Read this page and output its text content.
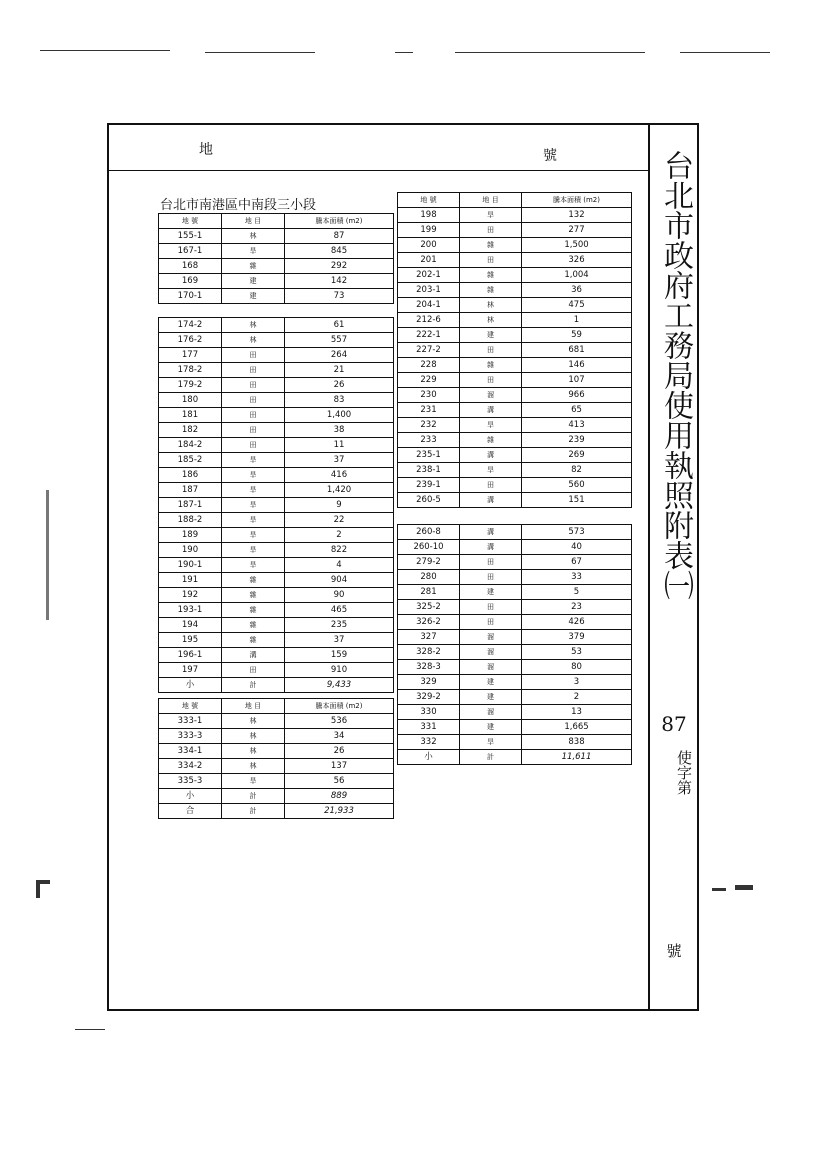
地	號	台北市政府工務局使用執照附表㈠
87
使字第
號
台北市南港區中南段三小段
地 號	地 目	騰本面積 (m2)
155-1	林	87
167-1	旱	845
168	雜	292
169	建	142
170-1	建	73
174-2	林	61
176-2	林	557
177	田	264
178-2	田	21
179-2	田	26
180	田	83
181	田	1,400
182	田	38
184-2	田	11
185-2	旱	37
186	旱	416
187	旱	1,420
187-1	旱	9
188-2	旱	22
189	旱	2
190	旱	822
190-1	旱	4
191	雜	904
192	雜	90
193-1	雜	465
194	雜	235
195	雜	37
196-1	溝	159
197	田	910
小	計	9,433
地 號	地 目	騰本面積 (m2)
333-1	林	536
333-3	林	34
334-1	林	26
334-2	林	137
335-3	旱	56
小	計	889
合	計	21,933
地 號	地 目	騰本面積 (m2)
198	旱	132
199	田	277
200	雜	1,500
201	田	326
202-1	雜	1,004
203-1	雜	36
204-1	林	475
212-6	林	1
222-1	建	59
227-2	田	681
228	雜	146
229	田	107
230	溜	966
231	溝	65
232	旱	413
233	雜	239
235-1	溝	269
238-1	旱	82
239-1	田	560
260-5	溝	151
260-8	溝	573
260-10	溝	40
279-2	田	67
280	田	33
281	建	5
325-2	田	23
326-2	田	426
327	溜	379
328-2	溜	53
328-3	溜	80
329	建	3
329-2	建	2
330	溜	13
331	建	1,665
332	旱	838
小	計	11,611
